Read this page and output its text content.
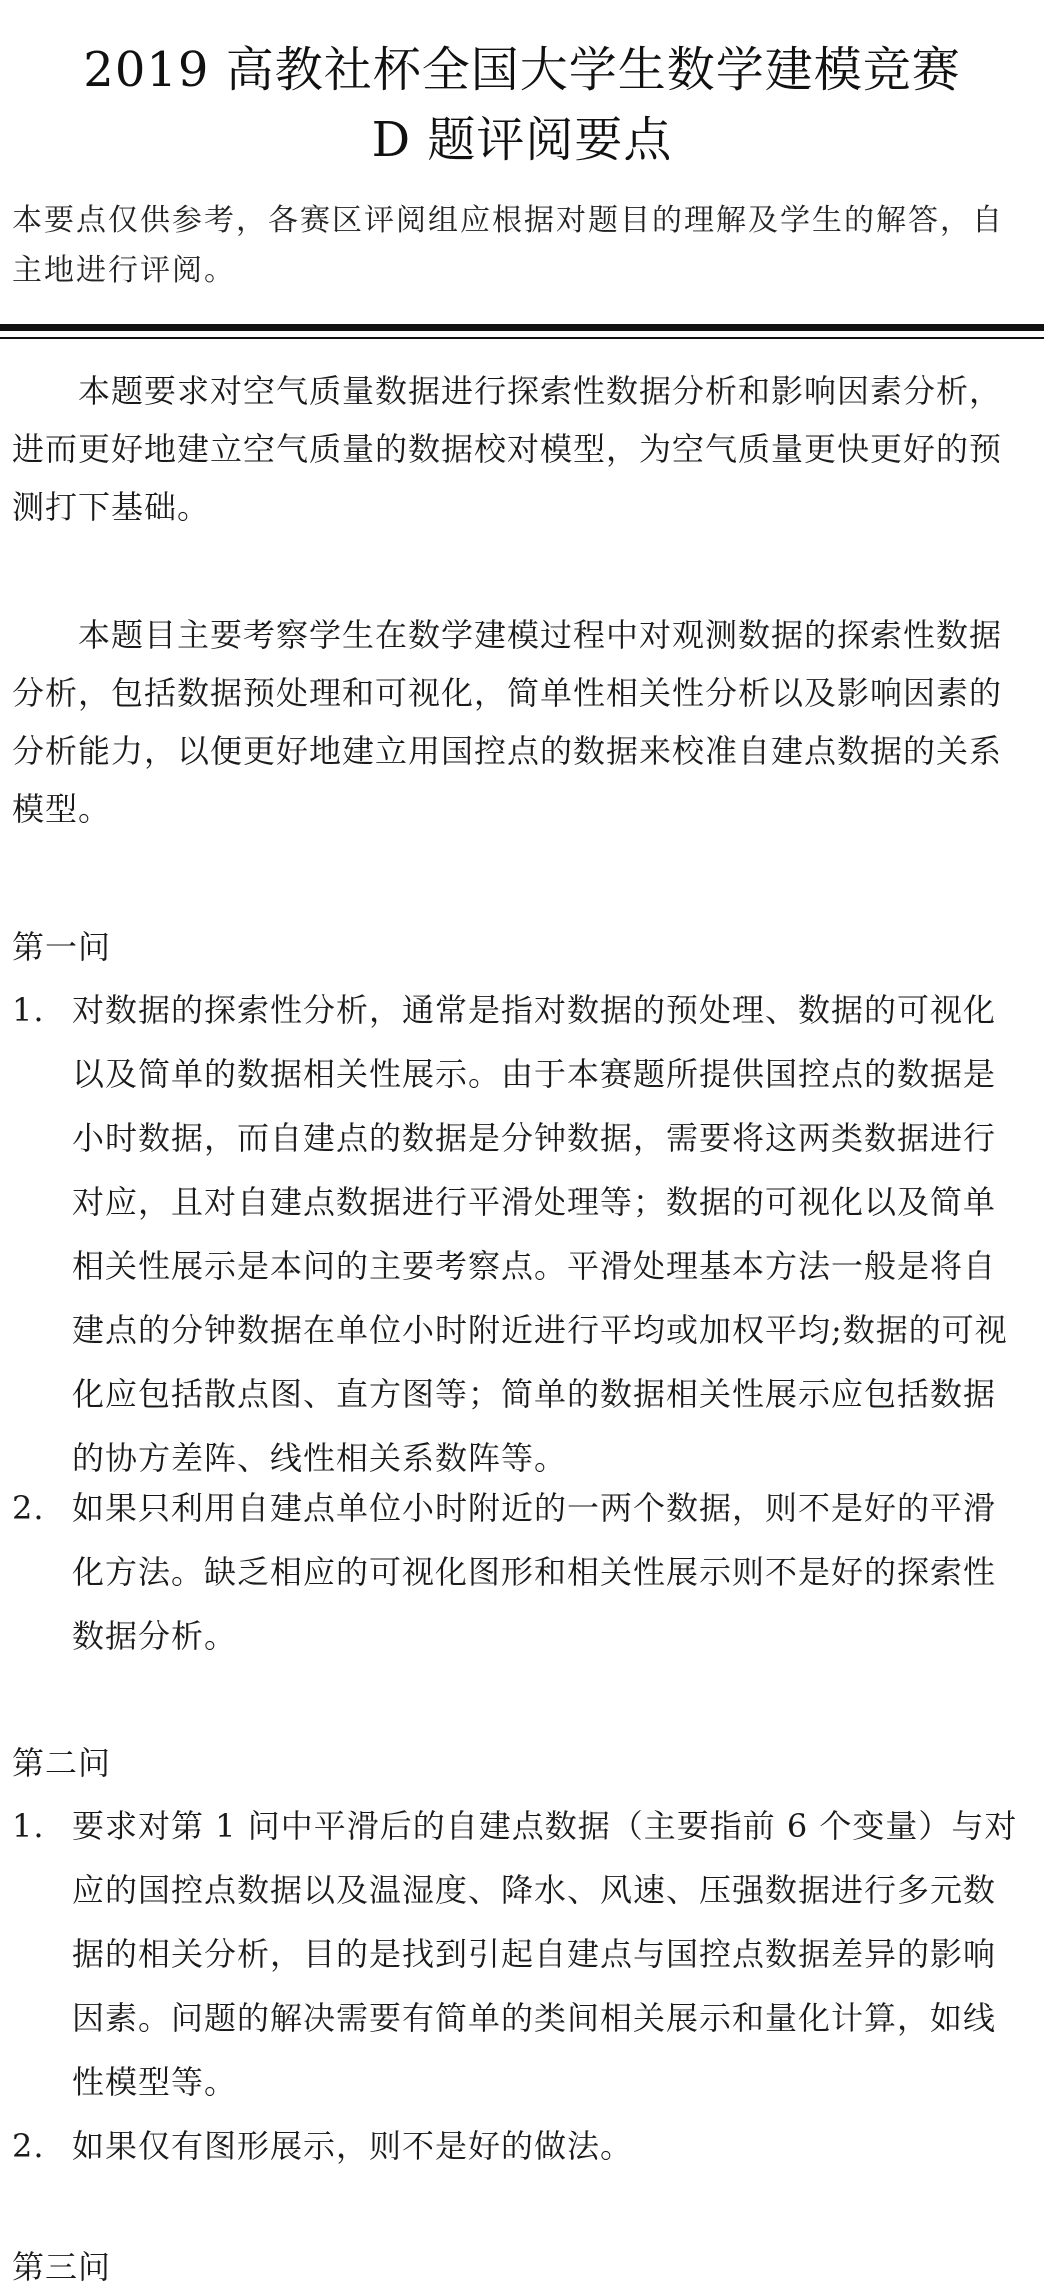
2019 高教社杯全国大学生数学建模竞赛
D 题评阅要点
本要点仅供参考，各赛区评阅组应根据对题目的理解及学生的解答，自主地进行评阅。
本题要求对空气质量数据进行探索性数据分析和影响因素分析，进而更好地建立空气质量的数据校对模型，为空气质量更快更好的预测打下基础。
本题目主要考察学生在数学建模过程中对观测数据的探索性数据分析，包括数据预处理和可视化，简单性相关性分析以及影响因素的分析能力，以便更好地建立用国控点的数据来校准自建点数据的关系模型。
第一问
1. 对数据的探索性分析，通常是指对数据的预处理、数据的可视化以及简单的数据相关性展示。由于本赛题所提供国控点的数据是小时数据，而自建点的数据是分钟数据，需要将这两类数据进行对应，且对自建点数据进行平滑处理等；数据的可视化以及简单相关性展示是本问的主要考察点。平滑处理基本方法一般是将自建点的分钟数据在单位小时附近进行平均或加权平均;数据的可视化应包括散点图、直方图等；简单的数据相关性展示应包括数据的协方差阵、线性相关系数阵等。
2. 如果只利用自建点单位小时附近的一两个数据，则不是好的平滑化方法。缺乏相应的可视化图形和相关性展示则不是好的探索性数据分析。
第二问
1. 要求对第 1 问中平滑后的自建点数据（主要指前 6 个变量）与对应的国控点数据以及温湿度、降水、风速、压强数据进行多元数据的相关分析，目的是找到引起自建点与国控点数据差异的影响因素。问题的解决需要有简单的类间相关展示和量化计算，如线性模型等。
2. 如果仅有图形展示，则不是好的做法。
第三问
